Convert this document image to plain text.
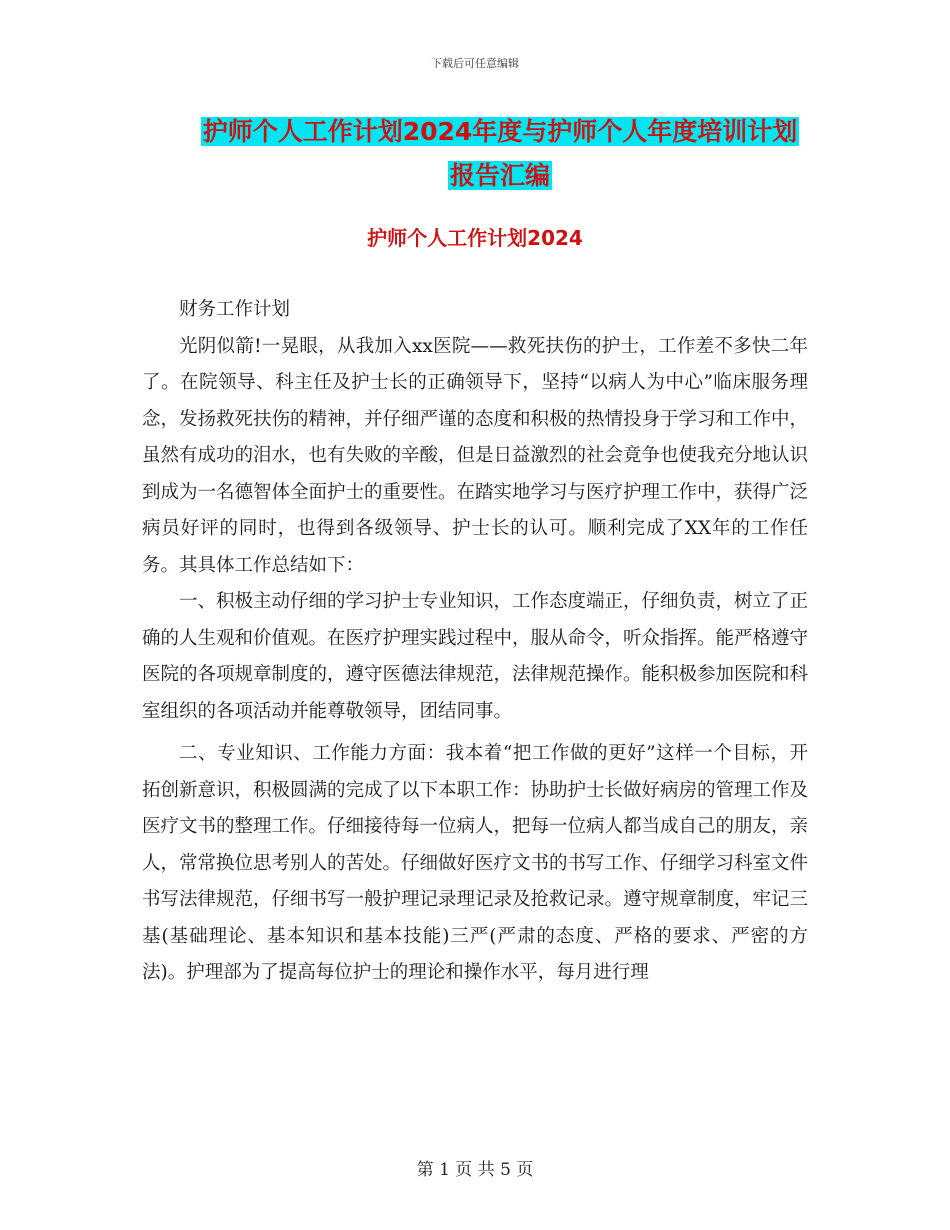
下载后可任意编辑
护师个人工作计划2024年度与护师个人年度培训计划
报告汇编
护师个人工作计划2024

财务工作计划

光阴似箭!一晃眼，从我加入xx医院——救死扶伤的护士，工作差不多快二年了。在院领导、科主任及护士长的正确领导下，坚持“以病人为中心”临床服务理念，发扬救死扶伤的精神，并仔细严谨的态度和积极的热情投身于学习和工作中，虽然有成功的泪水，也有失败的辛酸，但是日益激烈的社会竟争也使我充分地认识到成为一名德智体全面护士的重要性。在踏实地学习与医疗护理工作中，获得广泛病员好评的同时，也得到各级领导、护士长的认可。顺利完成了XX年的工作任务。其具体工作总结如下：

一、积极主动仔细的学习护士专业知识，工作态度端正，仔细负责，树立了正确的人生观和价值观。在医疗护理实践过程中，服从命令，听众指挥。能严格遵守医院的各项规章制度的，遵守医德法律规范，法律规范操作。能积极参加医院和科室组织的各项活动并能尊敬领导，团结同事。

二、专业知识、工作能力方面：我本着“把工作做的更好”这样一个目标，开拓创新意识，积极圆满的完成了以下本职工作：协助护士长做好病房的管理工作及医疗文书的整理工作。仔细接待每一位病人，把每一位病人都当成自己的朋友，亲人，常常换位思考别人的苦处。仔细做好医疗文书的书写工作、仔细学习科室文件书写法律规范，仔细书写一般护理记录理记录及抢救记录。遵守规章制度，牢记三基(基础理论、基本知识和基本技能)三严(严肃的态度、严格的要求、严密的方法)。护理部为了提高每位护士的理论和操作水平，每月进行理

第 1 页 共 5 页
